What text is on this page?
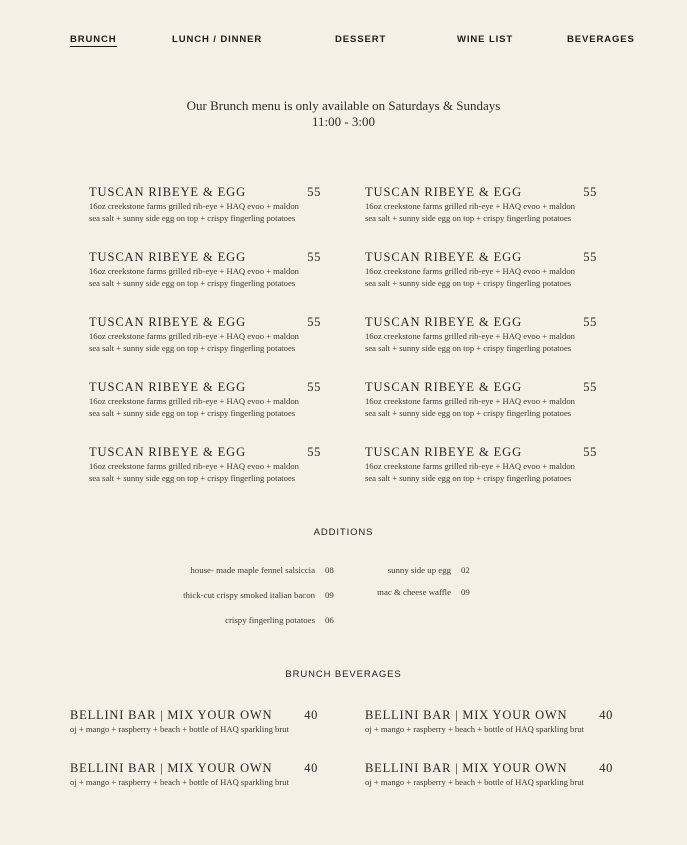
BRUNCH	LUNCH / DINNER	DESSERT	WINE LIST	BEVERAGES
Our Brunch menu is only available on Saturdays & Sundays
11:00 - 3:00
TUSCAN RIBEYE & EGG	55
16oz creekstone farms grilled rib-eye + HAQ evoo + maldon
sea salt + sunny side egg on top + crispy fingerling potatoes
TUSCAN RIBEYE & EGG	55
16oz creekstone farms grilled rib-eye + HAQ evoo + maldon
sea salt + sunny side egg on top + crispy fingerling potatoes
TUSCAN RIBEYE & EGG	55
16oz creekstone farms grilled rib-eye + HAQ evoo + maldon
sea salt + sunny side egg on top + crispy fingerling potatoes
TUSCAN RIBEYE & EGG	55
16oz creekstone farms grilled rib-eye + HAQ evoo + maldon
sea salt + sunny side egg on top + crispy fingerling potatoes
TUSCAN RIBEYE & EGG	55
16oz creekstone farms grilled rib-eye + HAQ evoo + maldon
sea salt + sunny side egg on top + crispy fingerling potatoes
TUSCAN RIBEYE & EGG	55
16oz creekstone farms grilled rib-eye + HAQ evoo + maldon
sea salt + sunny side egg on top + crispy fingerling potatoes
TUSCAN RIBEYE & EGG	55
16oz creekstone farms grilled rib-eye + HAQ evoo + maldon
sea salt + sunny side egg on top + crispy fingerling potatoes
TUSCAN RIBEYE & EGG	55
16oz creekstone farms grilled rib-eye + HAQ evoo + maldon
sea salt + sunny side egg on top + crispy fingerling potatoes
TUSCAN RIBEYE & EGG	55
16oz creekstone farms grilled rib-eye + HAQ evoo + maldon
sea salt + sunny side egg on top + crispy fingerling potatoes
TUSCAN RIBEYE & EGG	55
16oz creekstone farms grilled rib-eye + HAQ evoo + maldon
sea salt + sunny side egg on top + crispy fingerling potatoes
ADDITIONS
house- made maple fennel salsiccia 08
thick-cut crispy smoked italian bacon 09
crispy fingerling potatoes 06
sunny side up egg 02
mac & cheese waffle 09
BRUNCH BEVERAGES
BELLINI BAR | MIX YOUR OWN	40
oj + mango + raspberry + beach + bottle of HAQ sparkling brut
BELLINI BAR | MIX YOUR OWN	40
oj + mango + raspberry + beach + bottle of HAQ sparkling brut
BELLINI BAR | MIX YOUR OWN	40
oj + mango + raspberry + beach + bottle of HAQ sparkling brut
BELLINI BAR | MIX YOUR OWN	40
oj + mango + raspberry + beach + bottle of HAQ sparkling brut
